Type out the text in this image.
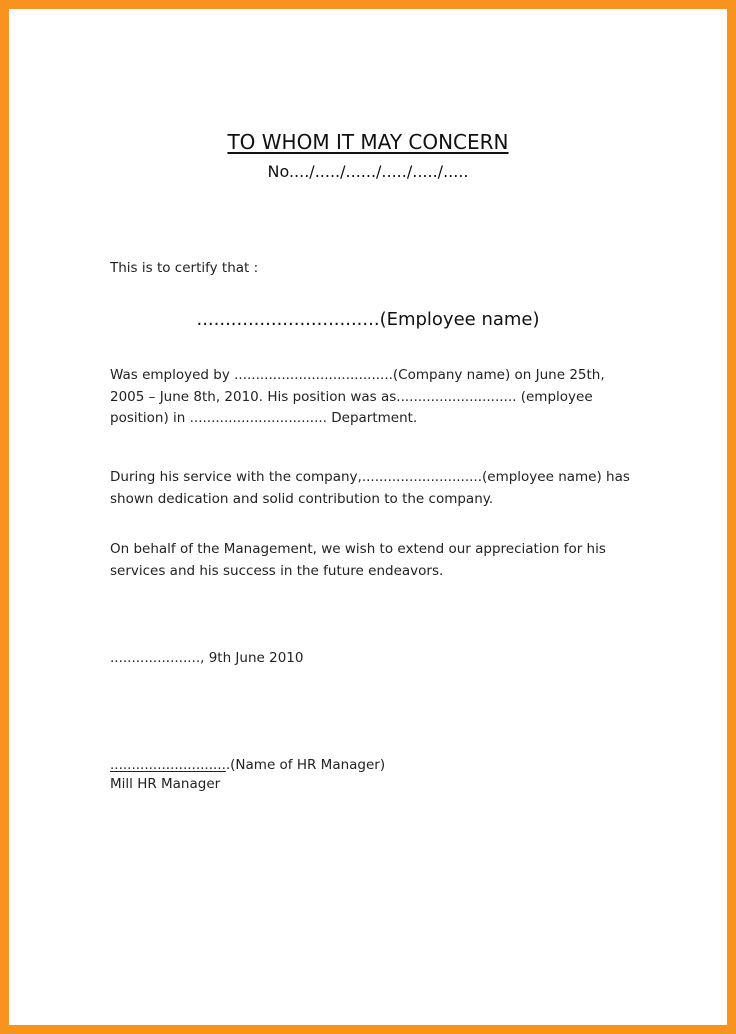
TO WHOM IT MAY CONCERN
No..../...../....../...../...../.....
This is to certify that :
................................(Employee name)

Was employed by .....................................(Company name) on June 25th, 2005 – June 8th, 2010. His position was as............................ (employee position) in ................................ Department.

During his service with the company,............................(employee name) has shown dedication and solid contribution to the company.

On behalf of the Management, we wish to extend our appreciation for his services and his success in the future endeavors.

....................., 9th June 2010
............................(Name of HR Manager)
Mill HR Manager
